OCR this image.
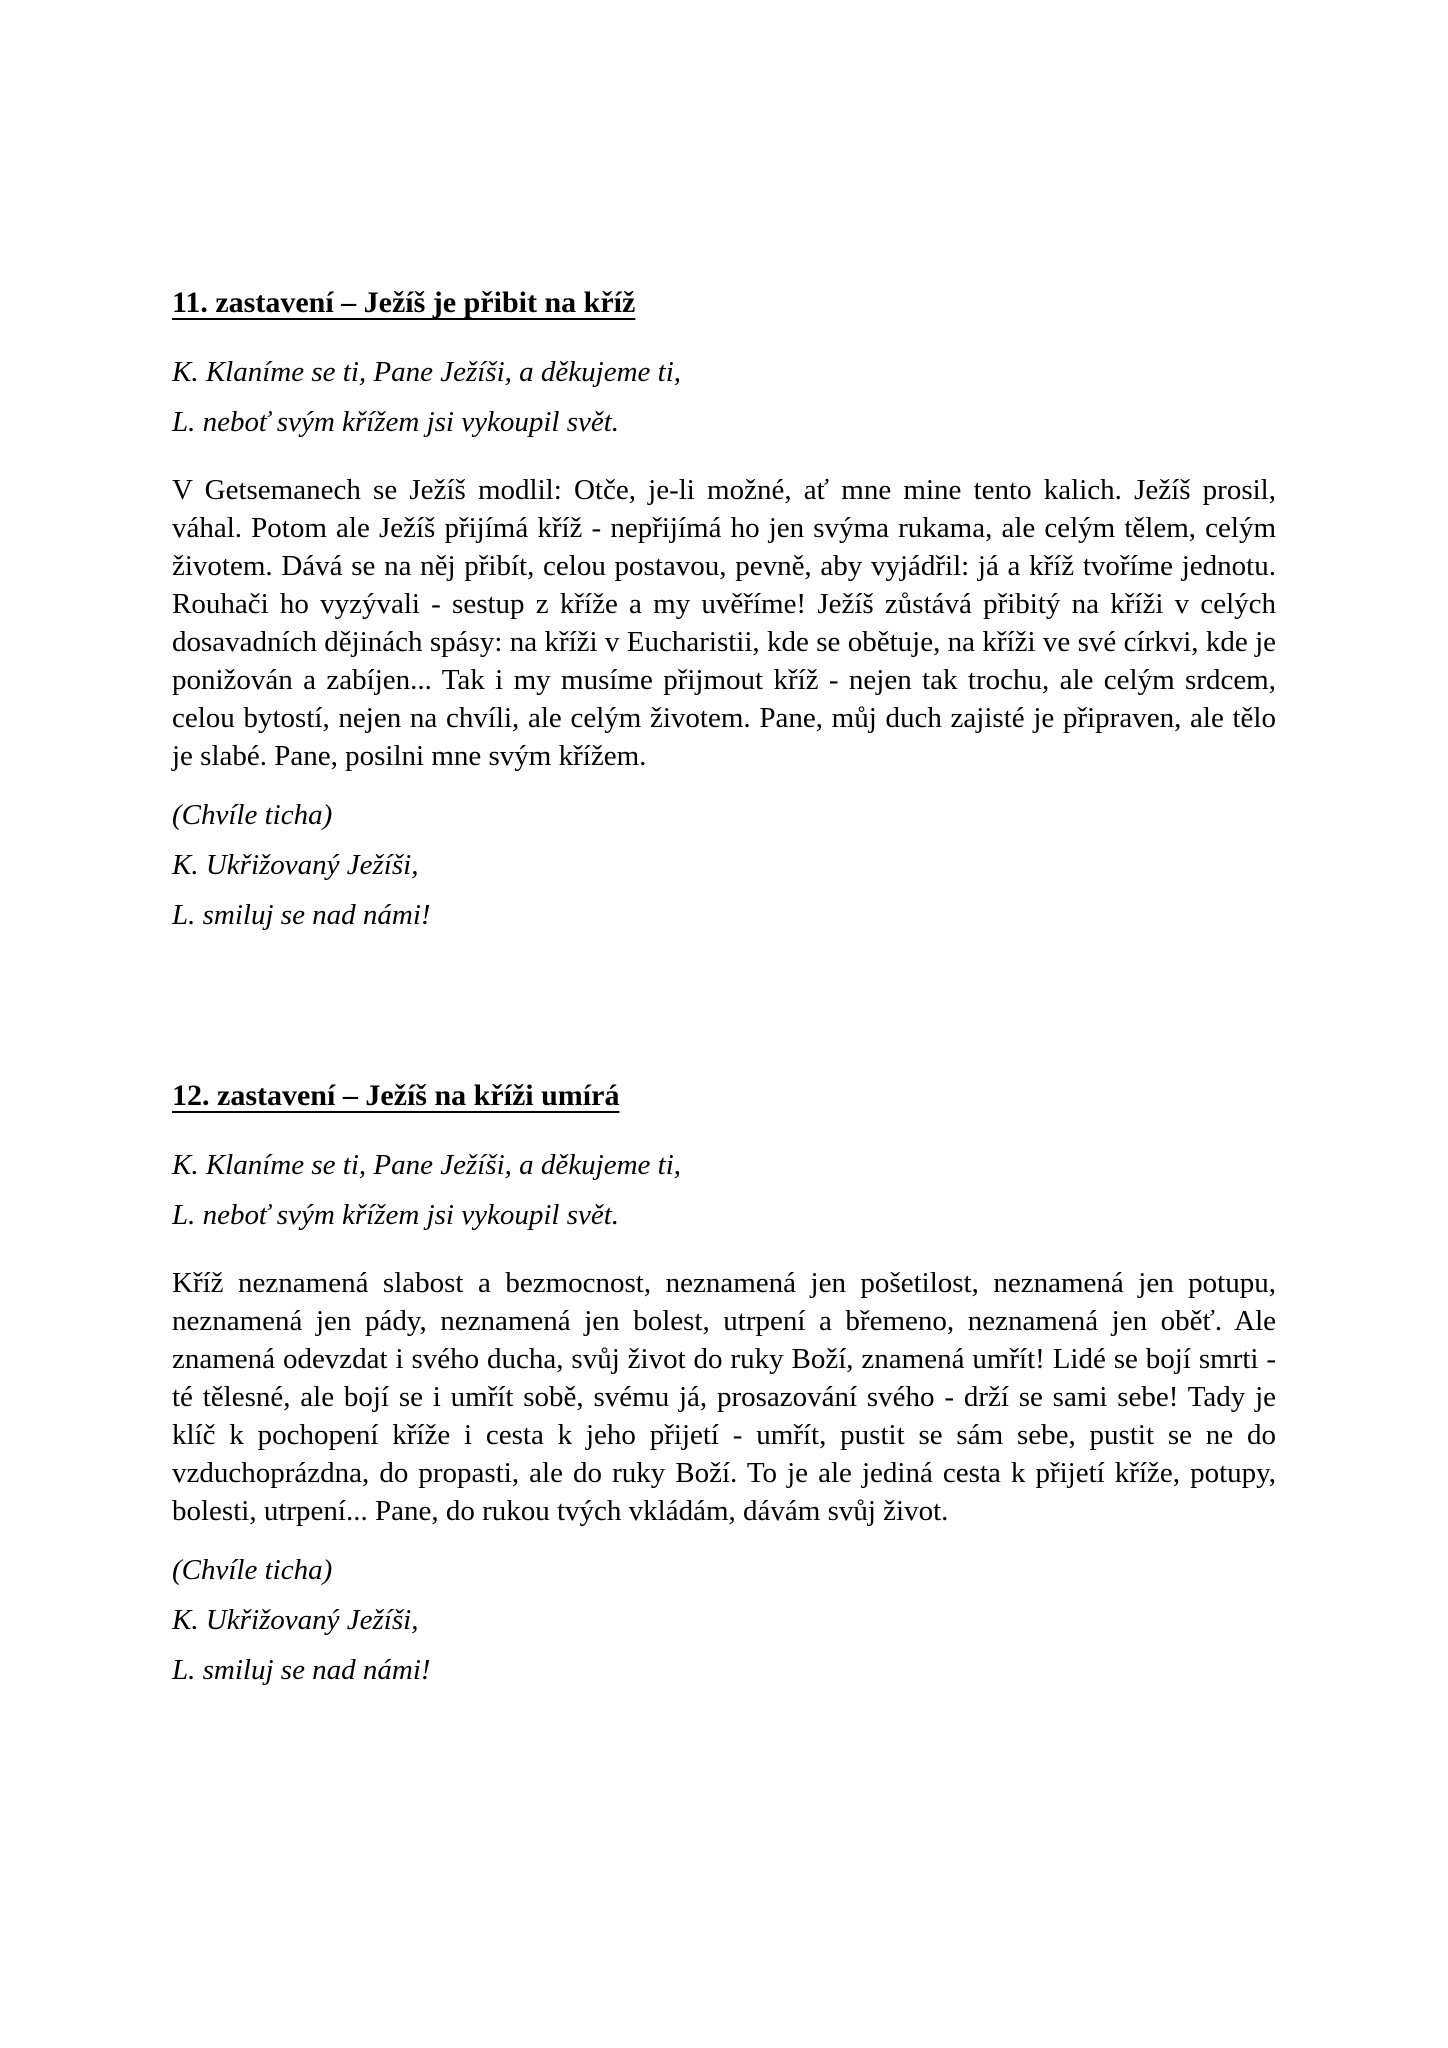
11. zastavení – Ježíš je přibit na kříž

K. Klaníme se ti, Pane Ježíši, a děkujeme ti,

L. neboť svým křížem jsi vykoupil svět.

V Getsemanech se Ježíš modlil: Otče, je-li možné, ať mne mine tento kalich. Ježíš prosil, váhal. Potom ale Ježíš přijímá kříž - nepřijímá ho jen svýma rukama, ale celým tělem, celým životem. Dává se na něj přibít, celou postavou, pevně, aby vyjádřil: já a kříž tvoříme jednotu. Rouhači ho vyzývali - sestup z kříže a my uvěříme! Ježíš zůstává přibitý na kříži v celých dosavadních dějinách spásy: na kříži v Eucharistii, kde se obětuje, na kříži ve své církvi, kde je ponižován a zabíjen... Tak i my musíme přijmout kříž - nejen tak trochu, ale celým srdcem, celou bytostí, nejen na chvíli, ale celým životem. Pane, můj duch zajisté je připraven, ale tělo je slabé. Pane, posilni mne svým křížem.

(Chvíle ticha)

K. Ukřižovaný Ježíši,

L. smiluj se nad námi!

12. zastavení – Ježíš na kříži umírá

K. Klaníme se ti, Pane Ježíši, a děkujeme ti,

L. neboť svým křížem jsi vykoupil svět.

Kříž neznamená slabost a bezmocnost, neznamená jen pošetilost, neznamená jen potupu, neznamená jen pády, neznamená jen bolest, utrpení a břemeno, neznamená jen oběť. Ale znamená odevzdat i svého ducha, svůj život do ruky Boží, znamená umřít! Lidé se bojí smrti - té tělesné, ale bojí se i umřít sobě, svému já, prosazování svého - drží se sami sebe! Tady je klíč k pochopení kříže i cesta k jeho přijetí - umřít, pustit se sám sebe, pustit se ne do vzduchoprázdna, do propasti, ale do ruky Boží. To je ale jediná cesta k přijetí kříže, potupy, bolesti, utrpení... Pane, do rukou tvých vkládám, dávám svůj život.

(Chvíle ticha)

K. Ukřižovaný Ježíši,

L. smiluj se nad námi!
